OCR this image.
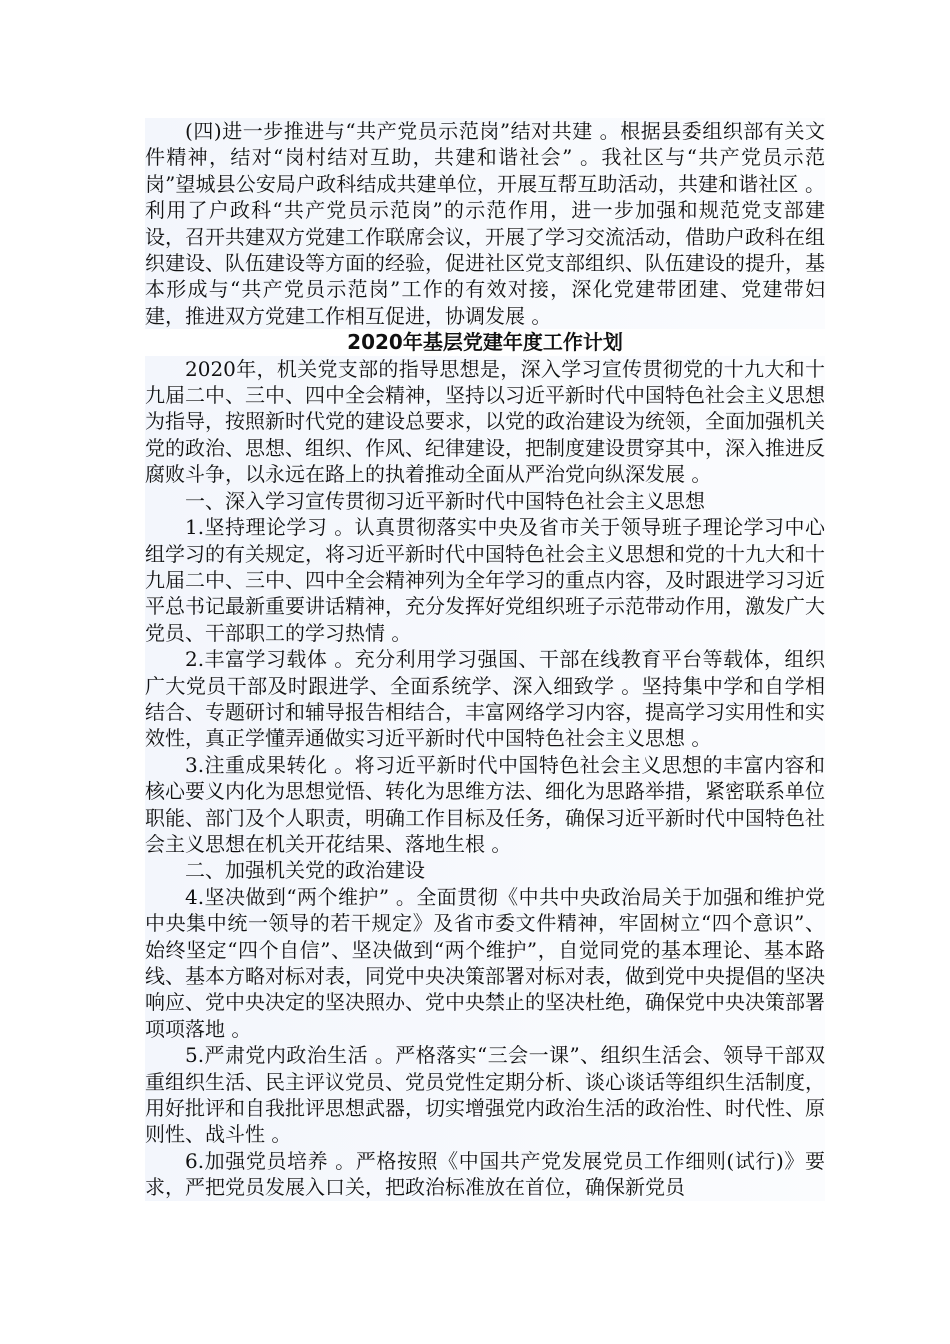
(四)进一步推进与“共产党员示范岗”结对共建 。根据县委组织部有关文件精神，结对“岗村结对互助，共建和谐社会” 。我社区与“共产党员示范岗”望城县公安局户政科结成共建单位，开展互帮互助活动，共建和谐社区 。利用了户政科“共产党员示范岗”的示范作用，进一步加强和规范党支部建设，召开共建双方党建工作联席会议，开展了学习交流活动，借助户政科在组织建设、队伍建设等方面的经验，促进社区党支部组织、队伍建设的提升，基本形成与“共产党员示范岗”工作的有效对接，深化党建带团建、党建带妇建，推进双方党建工作相互促进，协调发展 。

2020年基层党建年度工作计划

2020年，机关党支部的指导思想是，深入学习宣传贯彻党的十九大和十九届二中、三中、四中全会精神，坚持以习近平新时代中国特色社会主义思想为指导，按照新时代党的建设总要求，以党的政治建设为统领，全面加强机关党的政治、思想、组织、作风、纪律建设，把制度建设贯穿其中，深入推进反腐败斗争，以永远在路上的执着推动全面从严治党向纵深发展 。

一、深入学习宣传贯彻习近平新时代中国特色社会主义思想

1.坚持理论学习 。认真贯彻落实中央及省市关于领导班子理论学习中心组学习的有关规定，将习近平新时代中国特色社会主义思想和党的十九大和十九届二中、三中、四中全会精神列为全年学习的重点内容，及时跟进学习习近平总书记最新重要讲话精神，充分发挥好党组织班子示范带动作用，激发广大党员、干部职工的学习热情 。

2.丰富学习载体 。充分利用学习强国、干部在线教育平台等载体，组织广大党员干部及时跟进学、全面系统学、深入细致学 。坚持集中学和自学相结合、专题研讨和辅导报告相结合，丰富网络学习内容，提高学习实用性和实效性，真正学懂弄通做实习近平新时代中国特色社会主义思想 。

3.注重成果转化 。将习近平新时代中国特色社会主义思想的丰富内容和核心要义内化为思想觉悟、转化为思维方法、细化为思路举措，紧密联系单位职能、部门及个人职责，明确工作目标及任务，确保习近平新时代中国特色社会主义思想在机关开花结果、落地生根 。

二、加强机关党的政治建设

4.坚决做到“两个维护” 。全面贯彻《中共中央政治局关于加强和维护党中央集中统一领导的若干规定》及省市委文件精神，牢固树立“四个意识”、始终坚定“四个自信”、坚决做到“两个维护”，自觉同党的基本理论、基本路线、基本方略对标对表，同党中央决策部署对标对表，做到党中央提倡的坚决响应、党中央决定的坚决照办、党中央禁止的坚决杜绝，确保党中央决策部署项项落地 。

5.严肃党内政治生活 。严格落实“三会一课”、组织生活会、领导干部双重组织生活、民主评议党员、党员党性定期分析、谈心谈话等组织生活制度，用好批评和自我批评思想武器，切实增强党内政治生活的政治性、时代性、原则性、战斗性 。

6.加强党员培养 。严格按照《中国共产党发展党员工作细则(试行)》要求，严把党员发展入口关，把政治标准放在首位，确保新党员
